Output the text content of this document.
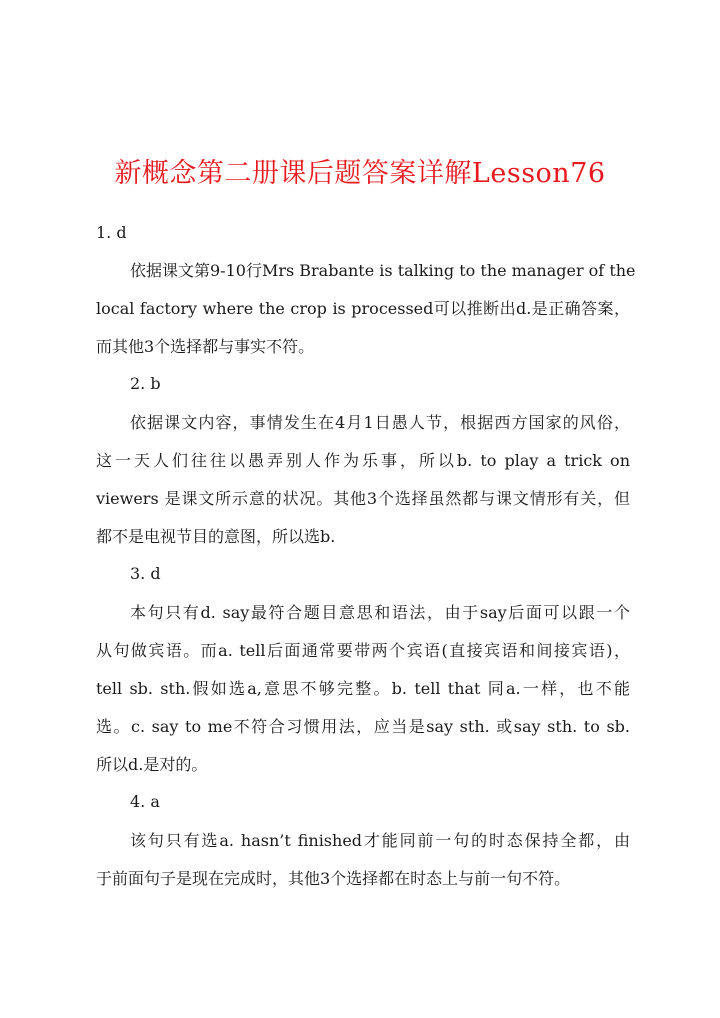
新概念第二册课后题答案详解Lesson76
1. d
依据课文第9-10行Mrs Brabante is talking to the manager of the
local factory where the crop is processed可以推断出d.是正确答案，
而其他3个选择都与事实不符。
2. b
依据课文内容，事情发生在4月1日愚人节，根据西方国家的风俗，
这一天人们往往以愚弄别人作为乐事，所以b. to play a trick on
viewers 是课文所示意的状况。其他3个选择虽然都与课文情形有关，但
都不是电视节目的意图，所以选b.
3. d
本句只有d. say最符合题目意思和语法，由于say后面可以跟一个
从句做宾语。而a. tell后面通常要带两个宾语(直接宾语和间接宾语)，
tell sb. sth.假如选a,意思不够完整。b. tell that 同a.一样，也不能
选。c. say to me不符合习惯用法，应当是say sth. 或say sth. to sb.
所以d.是对的。
4. a
该句只有选a. hasn’t finished才能同前一句的时态保持全都，由
于前面句子是现在完成时，其他3个选择都在时态上与前一句不符。
